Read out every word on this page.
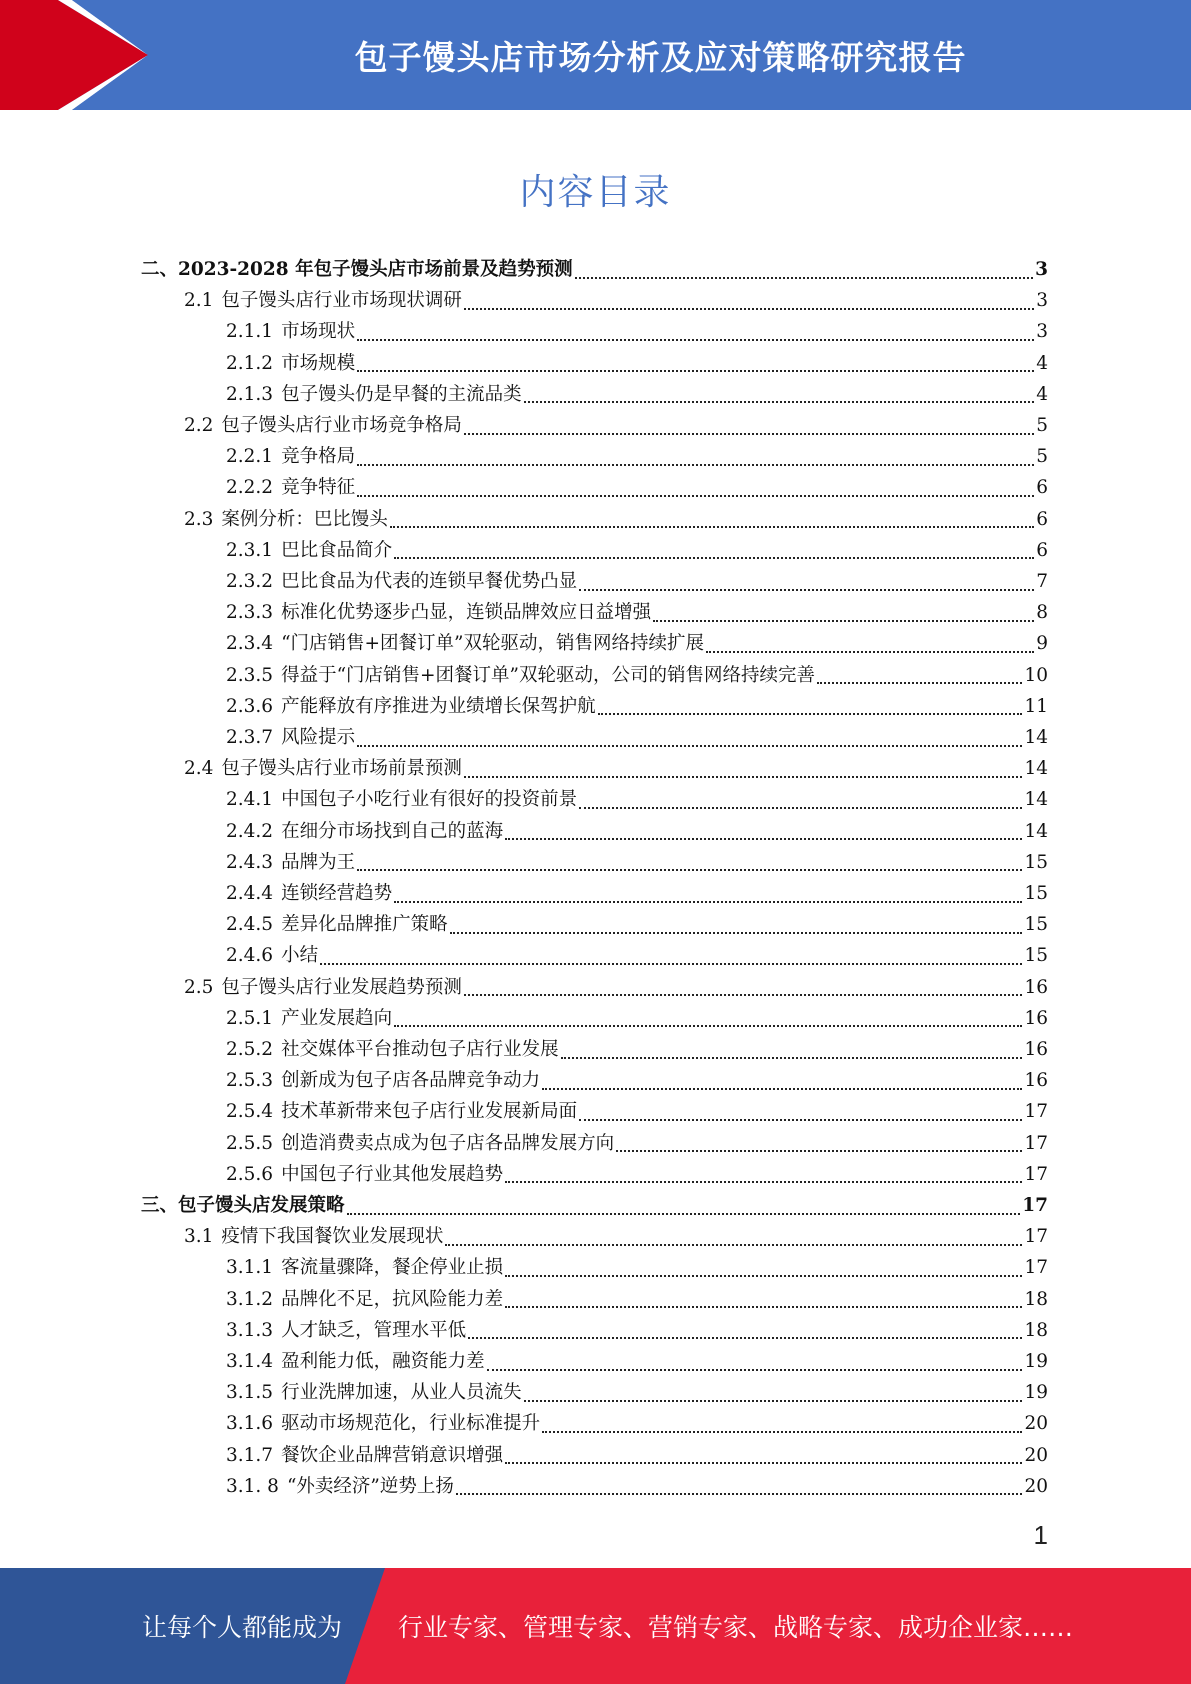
包子馒头店市场分析及应对策略研究报告
内容目录
二、 2023-2028 年包子馒头店市场前景及趋势预测	3
2.1 包子馒头店行业市场现状调研	3
2.1.1 市场现状	3
2.1.2 市场规模	4
2.1.3 包子馒头仍是早餐的主流品类	4
2.2 包子馒头店行业市场竞争格局	5
2.2.1 竞争格局	5
2.2.2 竞争特征	6
2.3 案例分析：巴比馒头	6
2.3.1 巴比食品简介	6
2.3.2 巴比食品为代表的连锁早餐优势凸显	7
2.3.3 标准化优势逐步凸显，连锁品牌效应日益增强	8
2.3.4 “门店销售+团餐订单”双轮驱动，销售网络持续扩展	9
2.3.5 得益于“门店销售+团餐订单”双轮驱动，公司的销售网络持续完善	10
2.3.6 产能释放有序推进为业绩增长保驾护航	11
2.3.7 风险提示	14
2.4 包子馒头店行业市场前景预测	14
2.4.1 中国包子小吃行业有很好的投资前景	14
2.4.2 在细分市场找到自己的蓝海	14
2.4.3 品牌为王	15
2.4.4 连锁经营趋势	15
2.4.5 差异化品牌推广策略	15
2.4.6 小结	15
2.5 包子馒头店行业发展趋势预测	16
2.5.1 产业发展趋向	16
2.5.2 社交媒体平台推动包子店行业发展	16
2.5.3 创新成为包子店各品牌竞争动力	16
2.5.4 技术革新带来包子店行业发展新局面	17
2.5.5 创造消费卖点成为包子店各品牌发展方向	17
2.5.6 中国包子行业其他发展趋势	17
三、 包子馒头店发展策略	17
3.1 疫情下我国餐饮业发展现状	17
3.1.1 客流量骤降，餐企停业止损	17
3.1.2 品牌化不足，抗风险能力差	18
3.1.3 人才缺乏，管理水平低	18
3.1.4 盈利能力低，融资能力差	19
3.1.5 行业洗牌加速，从业人员流失	19
3.1.6 驱动市场规范化，行业标准提升	20
3.1.7 餐饮企业品牌营销意识增强	20
3.1. 8 “外卖经济”逆势上扬	20
1
让每个人都能成为 行业专家、管理专家、营销专家、战略专家、成功企业家……
